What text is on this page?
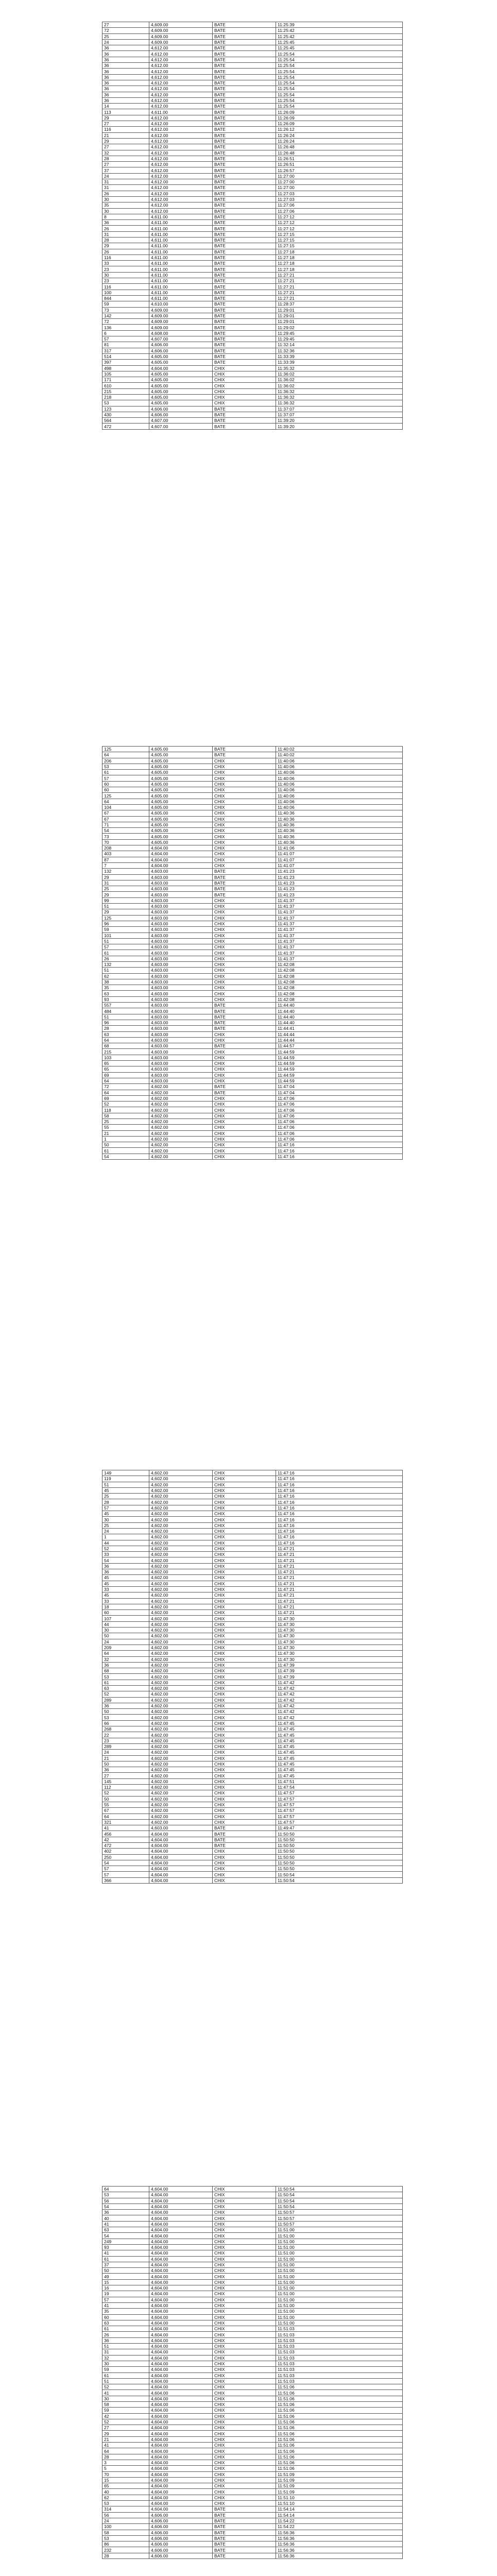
27	4,609.00	BATE	11:25:39
72	4,609.00	BATE	11:25:42
25	4,609.00	BATE	11:25:42
24	4,609.00	BATE	11:25:45
36	4,612.00	BATE	11:25:45
36	4,612.00	BATE	11:25:54
36	4,612.00	BATE	11:25:54
36	4,612.00	BATE	11:25:54
36	4,612.00	BATE	11:25:54
36	4,612.00	BATE	11:25:54
36	4,612.00	BATE	11:25:54
36	4,612.00	BATE	11:25:54
36	4,612.00	BATE	11:25:54
36	4,612.00	BATE	11:25:54
14	4,612.00	BATE	11:25:54
113	4,611.00	BATE	11:26:09
29	4,612.00	BATE	11:26:09
27	4,612.00	BATE	11:26:09
116	4,612.00	BATE	11:26:12
21	4,612.00	BATE	11:26:24
29	4,612.00	BATE	11:26:24
27	4,612.00	BATE	11:26:48
32	4,612.00	BATE	11:26:48
28	4,612.00	BATE	11:26:51
27	4,612.00	BATE	11:26:51
37	4,612.00	BATE	11:26:57
24	4,612.00	BATE	11:27:00
31	4,612.00	BATE	11:27:00
31	4,612.00	BATE	11:27:00
26	4,612.00	BATE	11:27:03
30	4,612.00	BATE	11:27:03
35	4,612.00	BATE	11:27:06
30	4,612.00	BATE	11:27:06
8	4,611.00	BATE	11:27:12
36	4,611.00	BATE	11:27:12
26	4,611.00	BATE	11:27:12
31	4,611.00	BATE	11:27:15
28	4,611.00	BATE	11:27:15
29	4,611.00	BATE	11:27:15
26	4,611.00	BATE	11:27:18
116	4,611.00	BATE	11:27:18
33	4,611.00	BATE	11:27:18
23	4,611.00	BATE	11:27:18
30	4,611.00	BATE	11:27:21
23	4,611.00	BATE	11:27:21
116	4,611.00	BATE	11:27:21
100	4,611.00	BATE	11:27:21
844	4,611.00	BATE	11:27:21
59	4,610.00	BATE	11:28:37
73	4,609.00	BATE	11:29:01
142	4,609.00	BATE	11:29:01
72	4,609.00	BATE	11:29:01
136	4,609.00	BATE	11:29:02
6	4,608.00	BATE	11:29:45
57	4,607.00	BATE	11:29:45
81	4,606.00	BATE	11:32:14
317	4,606.00	BATE	11:32:36
514	4,605.00	BATE	11:33:39
397	4,605.00	BATE	11:33:39
498	4,604.00	CHIX	11:35:32
105	4,605.00	CHIX	11:36:02
171	4,605.00	CHIX	11:36:02
610	4,605.00	CHIX	11:36:02
215	4,605.00	CHIX	11:36:32
218	4,605.00	CHIX	11:36:32
53	4,605.00	CHIX	11:36:32
123	4,606.00	BATE	11:37:07
430	4,606.00	BATE	11:37:07
564	4,607.00	BATE	11:39:20
472	4,607.00	BATE	11:39:20
125	4,605.00	BATE	11:40:02
64	4,605.00	BATE	11:40:02
206	4,605.00	CHIX	11:40:06
53	4,605.00	CHIX	11:40:06
61	4,605.00	CHIX	11:40:06
57	4,605.00	CHIX	11:40:06
60	4,605.00	CHIX	11:40:06
60	4,605.00	CHIX	11:40:06
125	4,605.00	CHIX	11:40:06
64	4,605.00	CHIX	11:40:06
104	4,605.00	CHIX	11:40:06
67	4,605.00	CHIX	11:40:36
67	4,605.00	CHIX	11:40:36
71	4,605.00	CHIX	11:40:36
54	4,605.00	CHIX	11:40:36
73	4,605.00	CHIX	11:40:36
70	4,605.00	CHIX	11:40:36
208	4,604.00	CHIX	11:41:06
403	4,604.00	CHIX	11:41:07
87	4,604.00	CHIX	11:41:07
7	4,604.00	CHIX	11:41:07
132	4,603.00	BATE	11:41:23
29	4,603.00	BATE	11:41:23
31	4,603.00	BATE	11:41:23
25	4,603.00	BATE	11:41:23
29	4,603.00	BATE	11:41:23
99	4,603.00	CHIX	11:41:37
51	4,603.00	CHIX	11:41:37
29	4,603.00	CHIX	11:41:37
125	4,603.00	CHIX	11:41:37
96	4,603.00	CHIX	11:41:37
59	4,603.00	CHIX	11:41:37
101	4,603.00	CHIX	11:41:37
51	4,603.00	CHIX	11:41:37
57	4,603.00	CHIX	11:41:37
61	4,603.00	CHIX	11:41:37
26	4,603.00	CHIX	11:41:37
132	4,603.00	CHIX	11:42:08
51	4,603.00	CHIX	11:42:08
62	4,603.00	CHIX	11:42:08
38	4,603.00	CHIX	11:42:08
35	4,603.00	CHIX	11:42:08
63	4,603.00	CHIX	11:42:08
93	4,603.00	CHIX	11:42:08
557	4,603.00	BATE	11:44:40
484	4,603.00	BATE	11:44:40
51	4,603.00	BATE	11:44:40
96	4,603.00	BATE	11:44:40
28	4,603.00	BATE	11:44:41
63	4,603.00	CHIX	11:44:44
64	4,603.00	CHIX	11:44:44
68	4,603.00	BATE	11:44:57
215	4,603.00	CHIX	11:44:59
103	4,603.00	CHIX	11:44:59
65	4,603.00	CHIX	11:44:59
65	4,603.00	CHIX	11:44:59
69	4,603.00	CHIX	11:44:59
64	4,603.00	CHIX	11:44:59
72	4,602.00	BATE	11:47:04
64	4,602.00	BATE	11:47:04
69	4,602.00	CHIX	11:47:06
52	4,602.00	CHIX	11:47:06
118	4,602.00	CHIX	11:47:06
58	4,602.00	CHIX	11:47:06
25	4,602.00	CHIX	11:47:06
55	4,602.00	CHIX	11:47:06
21	4,602.00	CHIX	11:47:06
1	4,602.00	CHIX	11:47:06
50	4,602.00	CHIX	11:47:16
61	4,602.00	CHIX	11:47:16
54	4,602.00	CHIX	11:47:16
149	4,602.00	CHIX	11:47:16
119	4,602.00	CHIX	11:47:16
51	4,602.00	CHIX	11:47:16
45	4,602.00	CHIX	11:47:16
25	4,602.00	CHIX	11:47:16
28	4,602.00	CHIX	11:47:16
57	4,602.00	CHIX	11:47:16
45	4,602.00	CHIX	11:47:16
30	4,602.00	CHIX	11:47:16
25	4,602.00	CHIX	11:47:16
24	4,602.00	CHIX	11:47:16
1	4,602.00	CHIX	11:47:16
44	4,602.00	CHIX	11:47:16
52	4,602.00	CHIX	11:47:21
33	4,602.00	CHIX	11:47:21
54	4,602.00	CHIX	11:47:21
36	4,602.00	CHIX	11:47:21
36	4,602.00	CHIX	11:47:21
45	4,602.00	CHIX	11:47:21
45	4,602.00	CHIX	11:47:21
33	4,602.00	CHIX	11:47:21
45	4,602.00	CHIX	11:47:21
33	4,602.00	CHIX	11:47:21
18	4,602.00	CHIX	11:47:21
60	4,602.00	CHIX	11:47:21
107	4,602.00	CHIX	11:47:30
44	4,602.00	CHIX	11:47:30
30	4,602.00	CHIX	11:47:30
50	4,602.00	CHIX	11:47:30
24	4,602.00	CHIX	11:47:30
209	4,602.00	CHIX	11:47:30
64	4,602.00	CHIX	11:47:30
32	4,602.00	CHIX	11:47:30
36	4,602.00	CHIX	11:47:39
68	4,602.00	CHIX	11:47:39
53	4,602.00	CHIX	11:47:39
61	4,602.00	CHIX	11:47:42
63	4,602.00	CHIX	11:47:42
52	4,602.00	CHIX	11:47:42
289	4,602.00	CHIX	11:47:42
36	4,602.00	CHIX	11:47:42
50	4,602.00	CHIX	11:47:42
53	4,602.00	CHIX	11:47:42
66	4,602.00	CHIX	11:47:45
268	4,602.00	CHIX	11:47:45
22	4,602.00	CHIX	11:47:45
23	4,602.00	CHIX	11:47:45
289	4,602.00	CHIX	11:47:45
24	4,602.00	CHIX	11:47:45
21	4,602.00	CHIX	11:47:45
50	4,602.00	CHIX	11:47:45
36	4,602.00	CHIX	11:47:45
27	4,602.00	CHIX	11:47:45
145	4,602.00	CHIX	11:47:51
112	4,602.00	CHIX	11:47:54
52	4,602.00	CHIX	11:47:57
50	4,602.00	CHIX	11:47:57
55	4,602.00	CHIX	11:47:57
67	4,602.00	CHIX	11:47:57
64	4,602.00	CHIX	11:47:57
321	4,602.00	CHIX	11:47:57
41	4,603.00	BATE	11:49:47
456	4,604.00	BATE	11:50:50
42	4,604.00	BATE	11:50:50
472	4,604.00	BATE	11:50:50
402	4,604.00	CHIX	11:50:50
250	4,604.00	CHIX	11:50:50
54	4,604.00	CHIX	11:50:50
57	4,604.00	CHIX	11:50:50
57	4,604.00	CHIX	11:50:54
366	4,604.00	CHIX	11:50:54
64	4,604.00	CHIX	11:50:54
53	4,604.00	CHIX	11:50:54
56	4,604.00	CHIX	11:50:54
54	4,604.00	CHIX	11:50:54
36	4,604.00	CHIX	11:50:57
40	4,604.00	CHIX	11:50:57
41	4,604.00	CHIX	11:50:57
63	4,604.00	CHIX	11:51:00
54	4,604.00	CHIX	11:51:00
249	4,604.00	CHIX	11:51:00
93	4,604.00	CHIX	11:51:00
41	4,604.00	CHIX	11:51:00
61	4,604.00	CHIX	11:51:00
37	4,604.00	CHIX	11:51:00
50	4,604.00	CHIX	11:51:00
49	4,604.00	CHIX	11:51:00
15	4,604.00	CHIX	11:51:00
16	4,604.00	CHIX	11:51:00
19	4,604.00	CHIX	11:51:00
57	4,604.00	CHIX	11:51:00
41	4,604.00	CHIX	11:51:00
35	4,604.00	CHIX	11:51:00
60	4,604.00	CHIX	11:51:00
63	4,604.00	CHIX	11:51:00
61	4,604.00	CHIX	11:51:03
26	4,604.00	CHIX	11:51:03
36	4,604.00	CHIX	11:51:03
51	4,604.00	CHIX	11:51:03
31	4,604.00	CHIX	11:51:03
32	4,604.00	CHIX	11:51:03
30	4,604.00	CHIX	11:51:03
59	4,604.00	CHIX	11:51:03
61	4,604.00	CHIX	11:51:03
51	4,604.00	CHIX	11:51:03
52	4,604.00	CHIX	11:51:06
41	4,604.00	CHIX	11:51:06
30	4,604.00	CHIX	11:51:06
58	4,604.00	CHIX	11:51:06
59	4,604.00	CHIX	11:51:06
42	4,604.00	CHIX	11:51:06
52	4,604.00	CHIX	11:51:06
27	4,604.00	CHIX	11:51:06
29	4,604.00	CHIX	11:51:06
21	4,604.00	CHIX	11:51:06
41	4,604.00	CHIX	11:51:06
64	4,604.00	CHIX	11:51:06
28	4,604.00	CHIX	11:51:06
3	4,604.00	CHIX	11:51:06
5	4,604.00	CHIX	11:51:06
70	4,604.00	CHIX	11:51:09
15	4,604.00	CHIX	11:51:09
65	4,604.00	CHIX	11:51:09
40	4,604.00	CHIX	11:51:09
62	4,604.00	CHIX	11:51:10
53	4,604.00	CHIX	11:51:10
314	4,604.00	BATE	11:54:14
56	4,606.00	BATE	11:54:14
24	4,606.00	BATE	11:54:22
100	4,606.00	BATE	11:54:22
58	4,606.00	BATE	11:56:36
53	4,606.00	BATE	11:56:36
86	4,606.00	BATE	11:56:36
232	4,606.00	BATE	11:56:36
28	4,606.00	BATE	11:56:36
